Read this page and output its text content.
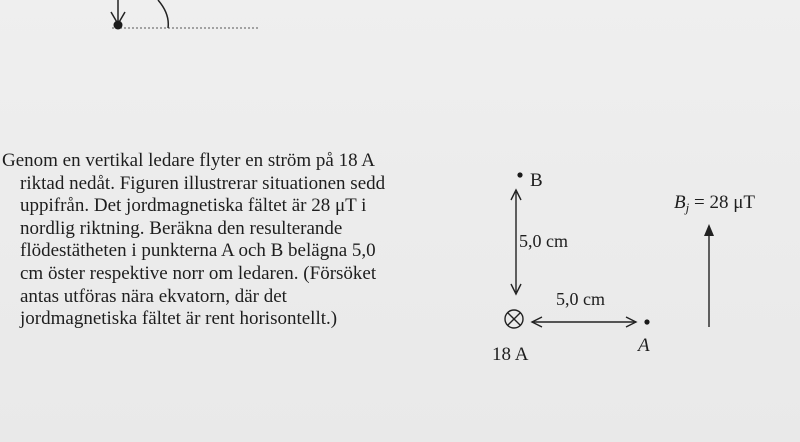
Genom en vertikal ledare flyter en ström på 18 A
riktad nedåt. Figuren illustrerar situationen sedd
uppifrån. Det jordmagnetiska fältet är 28 μT i
nordlig riktning. Beräkna den resulterande
flödestätheten i punkterna A och B belägna 5,0
cm öster respektive norr om ledaren. (Försöket
antas utföras nära ekvatorn, där det
jordmagnetiska fältet är rent horisontellt.)

B
5,0 cm
18 A
5,0 cm
A
$B_j = 28$ μT
